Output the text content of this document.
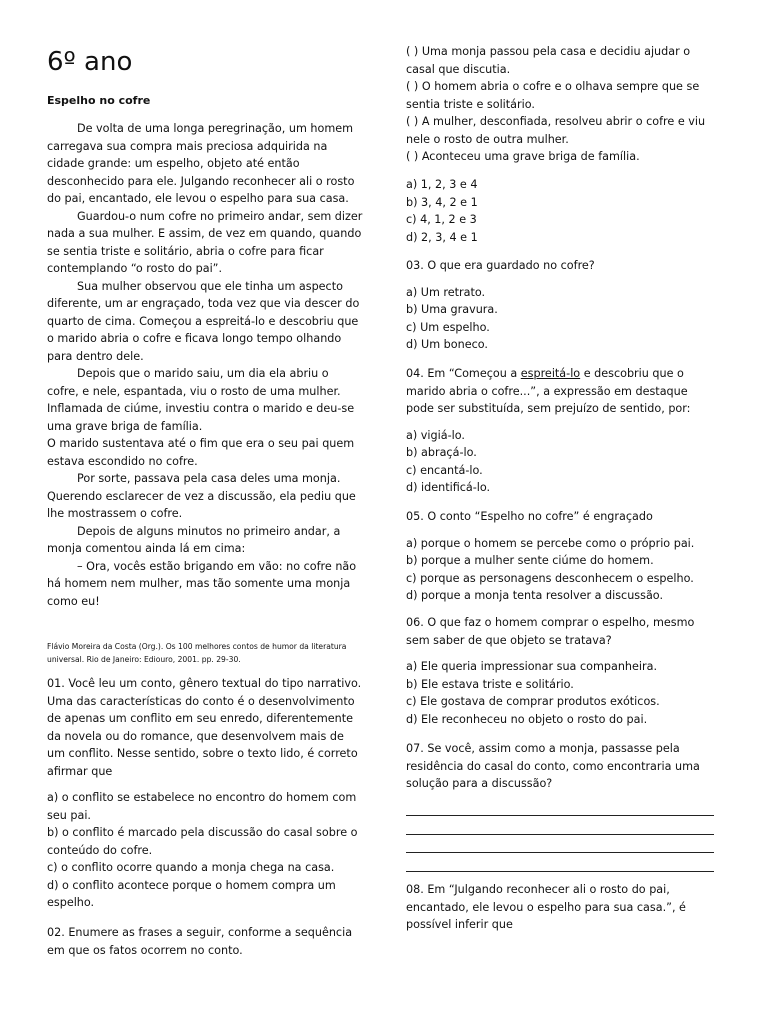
6º ano
Espelho no cofre

De volta de uma longa peregrinação, um homem carregava sua compra mais preciosa adquirida na cidade grande: um espelho, objeto até então desconhecido para ele. Julgando reconhecer ali o rosto do pai, encantado, ele levou o espelho para sua casa.

Guardou-o num cofre no primeiro andar, sem dizer nada a sua mulher. E assim, de vez em quando, quando se sentia triste e solitário, abria o cofre para ficar contemplando “o rosto do pai”.

Sua mulher observou que ele tinha um aspecto diferente, um ar engraçado, toda vez que via descer do quarto de cima. Começou a espreitá-lo e descobriu que o marido abria o cofre e ficava longo tempo olhando para dentro dele.

Depois que o marido saiu, um dia ela abriu o cofre, e nele, espantada, viu o rosto de uma mulher. Inflamada de ciúme, investiu contra o marido e deu-se uma grave briga de família.

O marido sustentava até o fim que era o seu pai quem estava escondido no cofre.

Por sorte, passava pela casa deles uma monja. Querendo esclarecer de vez a discussão, ela pediu que lhe mostrassem o cofre.

Depois de alguns minutos no primeiro andar, a monja comentou ainda lá em cima:

– Ora, vocês estão brigando em vão: no cofre não há homem nem mulher, mas tão somente uma monja como eu!

Flávio Moreira da Costa (Org.). Os 100 melhores contos de humor da literatura universal. Rio de Janeiro: Ediouro, 2001. pp. 29-30.

01. Você leu um conto, gênero textual do tipo narrativo. Uma das características do conto é o desenvolvimento de apenas um conflito em seu enredo, diferentemente da novela ou do romance, que desenvolvem mais de um conflito. Nesse sentido, sobre o texto lido, é correto afirmar que

a) o conflito se estabelece no encontro do homem com seu pai.

b) o conflito é marcado pela discussão do casal sobre o conteúdo do cofre.

c) o conflito ocorre quando a monja chega na casa.

d) o conflito acontece porque o homem compra um espelho.

02. Enumere as frases a seguir, conforme a sequência em que os fatos ocorrem no conto.

( ) Uma monja passou pela casa e decidiu ajudar o casal que discutia.

( ) O homem abria o cofre e o olhava sempre que se sentia triste e solitário.

( ) A mulher, desconfiada, resolveu abrir o cofre e viu nele o rosto de outra mulher.

( ) Aconteceu uma grave briga de família.

a) 1, 2, 3 e 4

b) 3, 4, 2 e 1

c) 4, 1, 2 e 3

d) 2, 3, 4 e 1

03. O que era guardado no cofre?

a) Um retrato.

b) Uma gravura.

c) Um espelho.

d) Um boneco.

04. Em “Começou a espreitá-lo e descobriu que o marido abria o cofre...”, a expressão em destaque pode ser substituída, sem prejuízo de sentido, por:

a) vigiá-lo.

b) abraçá-lo.

c) encantá-lo.

d) identificá-lo.

05. O conto “Espelho no cofre” é engraçado

a) porque o homem se percebe como o próprio pai.

b) porque a mulher sente ciúme do homem.

c) porque as personagens desconhecem o espelho.

d) porque a monja tenta resolver a discussão.

06. O que faz o homem comprar o espelho, mesmo sem saber de que objeto se tratava?

a) Ele queria impressionar sua companheira.

b) Ele estava triste e solitário.

c) Ele gostava de comprar produtos exóticos.

d) Ele reconheceu no objeto o rosto do pai.

07. Se você, assim como a monja, passasse pela residência do casal do conto, como encontraria uma solução para a discussão?

08. Em “Julgando reconhecer ali o rosto do pai, encantado, ele levou o espelho para sua casa.”, é possível inferir que
